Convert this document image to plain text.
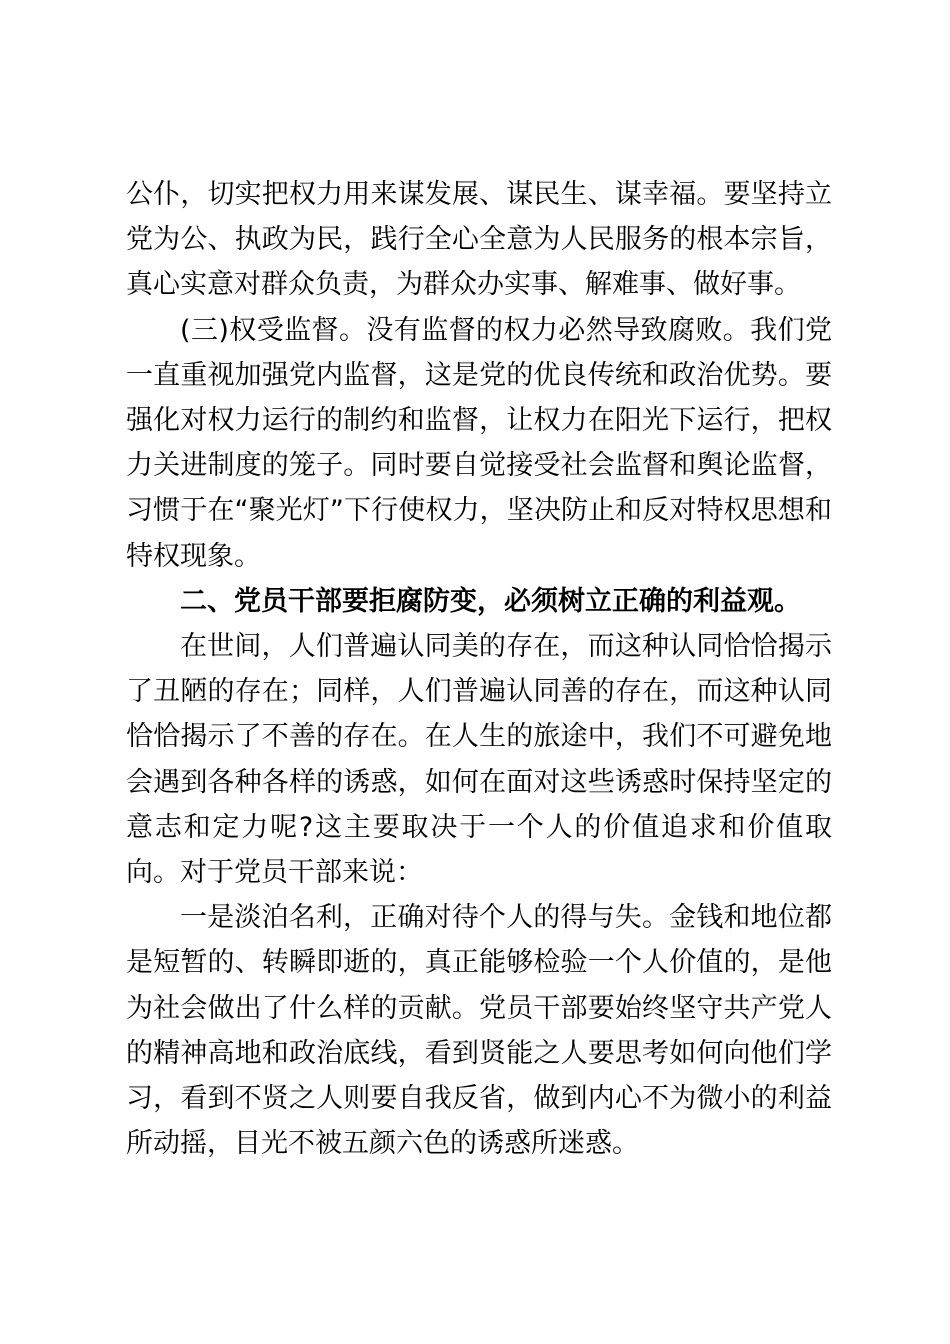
公仆，切实把权力用来谋发展、谋民生、谋幸福。要坚持立党为公、执政为民，践行全心全意为人民服务的根本宗旨，真心实意对群众负责，为群众办实事、解难事、做好事。

(三)权受监督。没有监督的权力必然导致腐败。我们党一直重视加强党内监督，这是党的优良传统和政治优势。要强化对权力运行的制约和监督，让权力在阳光下运行，把权力关进制度的笼子。同时要自觉接受社会监督和舆论监督，习惯于在“聚光灯”下行使权力，坚决防止和反对特权思想和特权现象。

二、党员干部要拒腐防变，必须树立正确的利益观。

在世间，人们普遍认同美的存在，而这种认同恰恰揭示了丑陋的存在；同样，人们普遍认同善的存在，而这种认同恰恰揭示了不善的存在。在人生的旅途中，我们不可避免地会遇到各种各样的诱惑，如何在面对这些诱惑时保持坚定的意志和定力呢?这主要取决于一个人的价值追求和价值取向。对于党员干部来说：

一是淡泊名利，正确对待个人的得与失。金钱和地位都是短暂的、转瞬即逝的，真正能够检验一个人价值的，是他为社会做出了什么样的贡献。党员干部要始终坚守共产党人的精神高地和政治底线，看到贤能之人要思考如何向他们学习，看到不贤之人则要自我反省，做到内心不为微小的利益所动摇，目光不被五颜六色的诱惑所迷惑。
